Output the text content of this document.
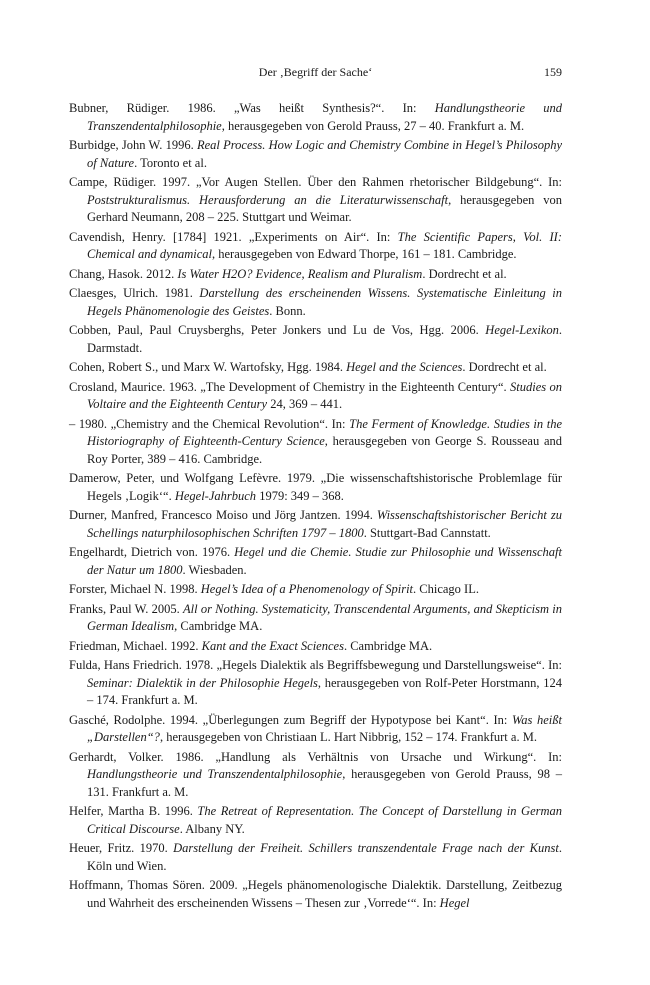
Der ‚Begriff der Sache‘	159
Bubner, Rüdiger. 1986. „Was heißt Synthesis?“. In: Handlungstheorie und Transzendentalphilosophie, herausgegeben von Gerold Prauss, 27 – 40. Frankfurt a. M.
Burbidge, John W. 1996. Real Process. How Logic and Chemistry Combine in Hegel’s Philosophy of Nature. Toronto et al.
Campe, Rüdiger. 1997. „Vor Augen Stellen. Über den Rahmen rhetorischer Bildgebung“. In: Poststrukturalismus. Herausforderung an die Literaturwissenschaft, herausgegeben von Gerhard Neumann, 208 – 225. Stuttgart und Weimar.
Cavendish, Henry. [1784] 1921. „Experiments on Air“. In: The Scientific Papers, Vol. II: Chemical and dynamical, herausgegeben von Edward Thorpe, 161 – 181. Cambridge.
Chang, Hasok. 2012. Is Water H2O? Evidence, Realism and Pluralism. Dordrecht et al.
Claesges, Ulrich. 1981. Darstellung des erscheinenden Wissens. Systematische Einleitung in Hegels Phänomenologie des Geistes. Bonn.
Cobben, Paul, Paul Cruysberghs, Peter Jonkers und Lu de Vos, Hgg. 2006. Hegel-Lexikon. Darmstadt.
Cohen, Robert S., und Marx W. Wartofsky, Hgg. 1984. Hegel and the Sciences. Dordrecht et al.
Crosland, Maurice. 1963. „The Development of Chemistry in the Eighteenth Century“. Studies on Voltaire and the Eighteenth Century 24, 369 – 441.
– 1980. „Chemistry and the Chemical Revolution“. In: The Ferment of Knowledge. Studies in the Historiography of Eighteenth-Century Science, herausgegeben von George S. Rousseau and Roy Porter, 389 – 416. Cambridge.
Damerow, Peter, und Wolfgang Lefèvre. 1979. „Die wissenschaftshistorische Problemlage für Hegels ‚Logik‘“. Hegel-Jahrbuch 1979: 349 – 368.
Durner, Manfred, Francesco Moiso und Jörg Jantzen. 1994. Wissenschaftshistorischer Bericht zu Schellings naturphilosophischen Schriften 1797 – 1800. Stuttgart-Bad Cannstatt.
Engelhardt, Dietrich von. 1976. Hegel und die Chemie. Studie zur Philosophie und Wissenschaft der Natur um 1800. Wiesbaden.
Forster, Michael N. 1998. Hegel’s Idea of a Phenomenology of Spirit. Chicago IL.
Franks, Paul W. 2005. All or Nothing. Systematicity, Transcendental Arguments, and Skepticism in German Idealism, Cambridge MA.
Friedman, Michael. 1992. Kant and the Exact Sciences. Cambridge MA.
Fulda, Hans Friedrich. 1978. „Hegels Dialektik als Begriffsbewegung und Darstellungsweise“. In: Seminar: Dialektik in der Philosophie Hegels, herausgegeben von Rolf-Peter Horstmann, 124 – 174. Frankfurt a. M.
Gasché, Rodolphe. 1994. „Überlegungen zum Begriff der Hypotypose bei Kant“. In: Was heißt „Darstellen“?, herausgegeben von Christiaan L. Hart Nibbrig, 152 – 174. Frankfurt a. M.
Gerhardt, Volker. 1986. „Handlung als Verhältnis von Ursache und Wirkung“. In: Handlungstheorie und Transzendentalphilosophie, herausgegeben von Gerold Prauss, 98 – 131. Frankfurt a. M.
Helfer, Martha B. 1996. The Retreat of Representation. The Concept of Darstellung in German Critical Discourse. Albany NY.
Heuer, Fritz. 1970. Darstellung der Freiheit. Schillers transzendentale Frage nach der Kunst. Köln und Wien.
Hoffmann, Thomas Sören. 2009. „Hegels phänomenologische Dialektik. Darstellung, Zeitbezug und Wahrheit des erscheinenden Wissens – Thesen zur ‚Vorrede‘“. In: Hegel
